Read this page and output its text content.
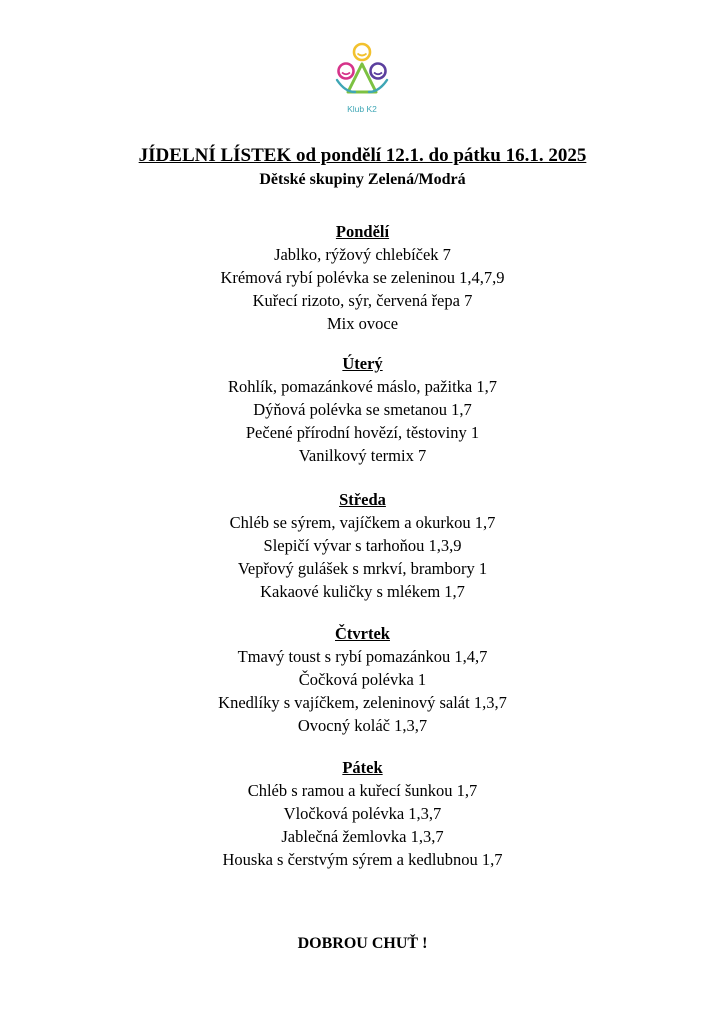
Klub K2
JÍDELNÍ LÍSTEK od pondělí 12.1. do pátku 16.1. 2025
Dětské skupiny Zelená/Modrá

Pondělí

Jablko, rýžový chlebíček 7

Krémová rybí polévka se zeleninou 1,4,7,9

Kuřecí rizoto, sýr, červená řepa 7

Mix ovoce

Úterý

Rohlík, pomazánkové máslo, pažitka 1,7

Dýňová polévka se smetanou 1,7

Pečené přírodní hovězí, těstoviny 1

Vanilkový termix 7

Středa

Chléb se sýrem, vajíčkem a okurkou 1,7

Slepičí vývar s tarhoňou 1,3,9

Vepřový gulášek s mrkví, brambory 1

Kakaové kuličky s mlékem 1,7

Čtvrtek

Tmavý toust s rybí pomazánkou 1,4,7

Čočková polévka 1

Knedlíky s vajíčkem, zeleninový salát 1,3,7

Ovocný koláč 1,3,7

Pátek

Chléb s ramou a kuřecí šunkou 1,7

Vločková polévka 1,3,7

Jablečná žemlovka 1,3,7

Houska s čerstvým sýrem a kedlubnou 1,7

DOBROU CHUŤ !
